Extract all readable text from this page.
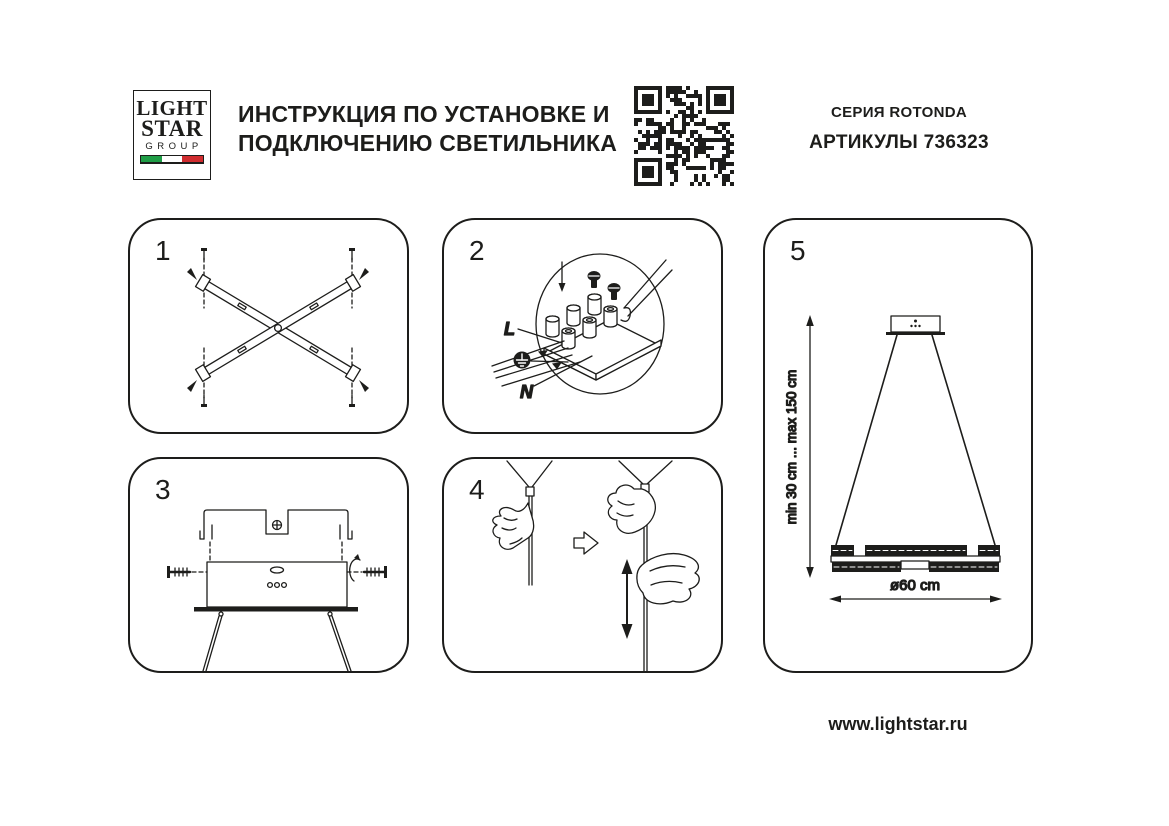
LIGHT
STAR
GROUP
ИНСТРУКЦИЯ ПО УСТАНОВКЕ И
ПОДКЛЮЧЕНИЮ СВЕТИЛЬНИКА
СЕРИЯ ROTONDA
АРТИКУЛЫ 736323
1	2
L
N
3	4
5
min 30 cm ... max 150 cm
ø60 cm
www.lightstar.ru
